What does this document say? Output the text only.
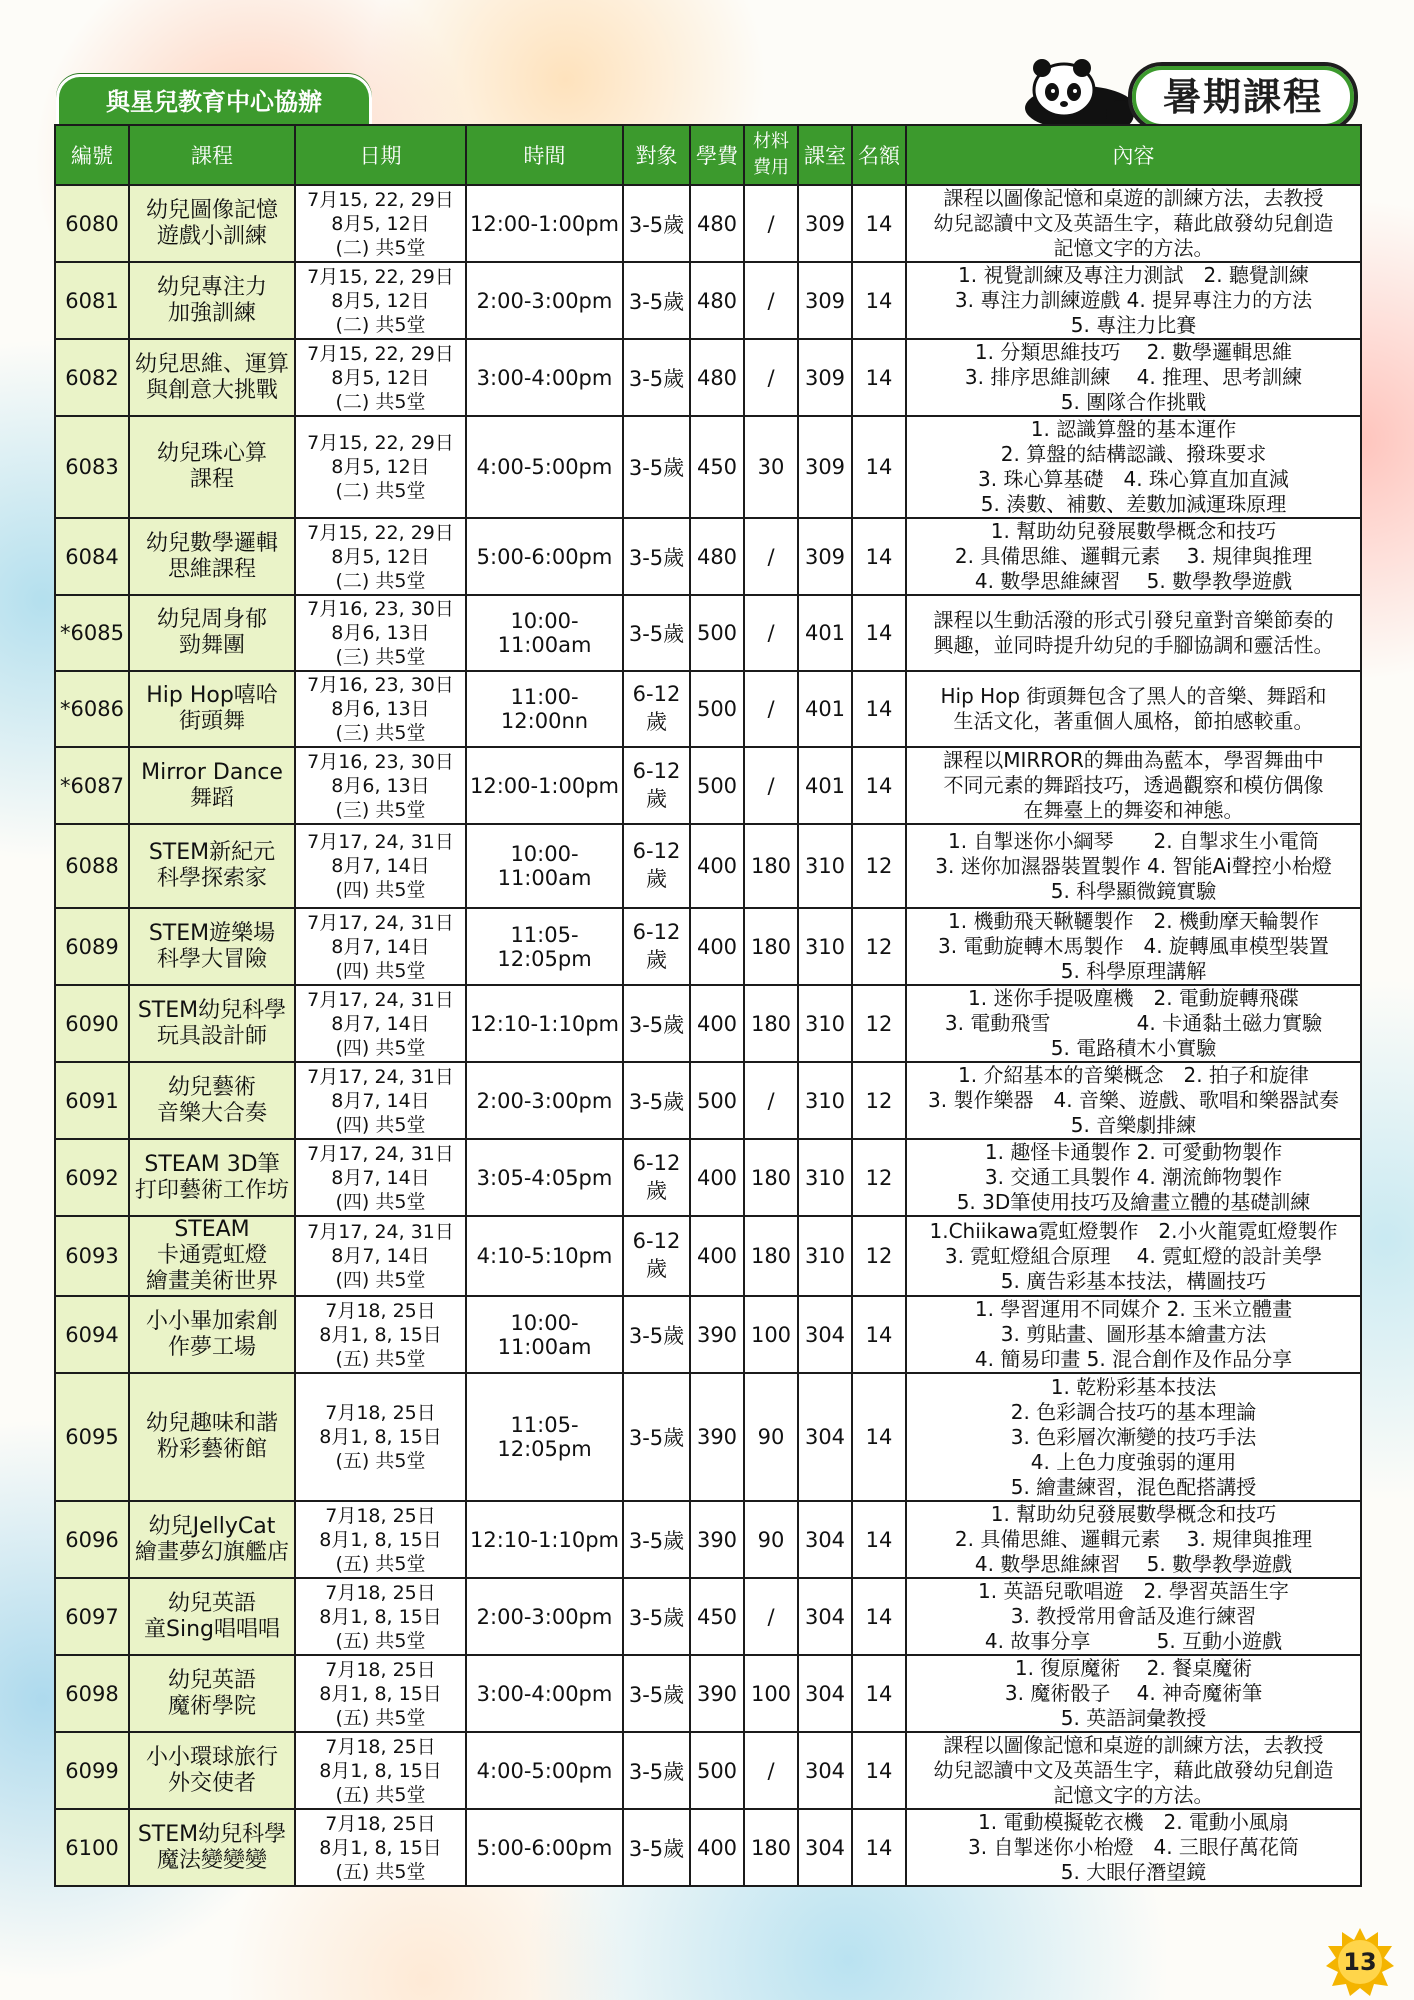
與星兒教育中心協辦	暑期課程
編號	課程	日期	時間	對象	學費	材料
費用	課室	名額	內容
6080	幼兒圖像記憶
遊戲小訓練	7月15, 22, 29日
8月5, 12日
(二) 共5堂	12:00-1:00pm	3-5歲	480	/	309	14	課程以圖像記憶和桌遊的訓練方法，去教授
幼兒認讀中文及英語生字，藉此啟發幼兒創造
記憶文字的方法。
6081	幼兒專注力
加強訓練	7月15, 22, 29日
8月5, 12日
(二) 共5堂	2:00-3:00pm	3-5歲	480	/	309	14	1. 視覺訓練及專注力測試　2. 聽覺訓練
3. 專注力訓練遊戲 4. 提昇專注力的方法
5. 專注力比賽
6082	幼兒思維、運算
與創意大挑戰	7月15, 22, 29日
8月5, 12日
(二) 共5堂	3:00-4:00pm	3-5歲	480	/	309	14	1. 分類思維技巧　 2. 數學邏輯思維
3. 排序思維訓練　 4. 推理、思考訓練
5. 團隊合作挑戰
6083	幼兒珠心算
課程	7月15, 22, 29日
8月5, 12日
(二) 共5堂	4:00-5:00pm	3-5歲	450	30	309	14	1. 認識算盤的基本運作
2. 算盤的結構認識、撥珠要求
3. 珠心算基礎　4. 珠心算直加直減
5. 湊數、補數、差數加減運珠原理
6084	幼兒數學邏輯
思維課程	7月15, 22, 29日
8月5, 12日
(二) 共5堂	5:00-6:00pm	3-5歲	480	/	309	14	1. 幫助幼兒發展數學概念和技巧
2. 具備思維、邏輯元素　 3. 規律與推理
4. 數學思維練習　 5. 數學教學遊戲
*6085	幼兒周身郁
勁舞團	7月16, 23, 30日
8月6, 13日
(三) 共5堂	10:00-11:00am	3-5歲	500	/	401	14	課程以生動活潑的形式引發兒童對音樂節奏的
興趣，並同時提升幼兒的手腳協調和靈活性。
*6086	Hip Hop嘻哈
街頭舞	7月16, 23, 30日
8月6, 13日
(三) 共5堂	11:00-12:00nn	6-12歲	500	/	401	14	Hip Hop 街頭舞包含了黑人的音樂、舞蹈和
生活文化，著重個人風格，節拍感較重。
*6087	Mirror Dance
舞蹈	7月16, 23, 30日
8月6, 13日
(三) 共5堂	12:00-1:00pm	6-12歲	500	/	401	14	課程以MIRROR的舞曲為藍本，學習舞曲中
不同元素的舞蹈技巧，透過觀察和模仿偶像
在舞臺上的舞姿和神態。
6088	STEM新紀元
科學探索家	7月17, 24, 31日
8月7, 14日
(四) 共5堂	10:00-11:00am	6-12歲	400	180	310	12	1. 自掣迷你小綱琴　　2. 自掣求生小電筒
3. 迷你加濕器裝置製作 4. 智能Ai聲控小枱燈
5. 科學顯微鏡實驗
6089	STEM遊樂場
科學大冒險	7月17, 24, 31日
8月7, 14日
(四) 共5堂	11:05-12:05pm	6-12歲	400	180	310	12	1. 機動飛天鞦韆製作　2. 機動摩天輪製作
3. 電動旋轉木馬製作　4. 旋轉風車模型裝置
5. 科學原理講解
6090	STEM幼兒科學
玩具設計師	7月17, 24, 31日
8月7, 14日
(四) 共5堂	12:10-1:10pm	3-5歲	400	180	310	12	1. 迷你手提吸塵機　2. 電動旋轉飛碟
3. 電動飛雪　　　　 4. 卡通黏土磁力實驗
5. 電路積木小實驗
6091	幼兒藝術
音樂大合奏	7月17, 24, 31日
8月7, 14日
(四) 共5堂	2:00-3:00pm	3-5歲	500	/	310	12	1. 介紹基本的音樂概念　2. 拍子和旋律
3. 製作樂器　4. 音樂、遊戲、歌唱和樂器試奏
5. 音樂劇排練
6092	STEAM 3D筆
打印藝術工作坊	7月17, 24, 31日
8月7, 14日
(四) 共5堂	3:05-4:05pm	6-12歲	400	180	310	12	1. 趣怪卡通製作 2. 可愛動物製作
3. 交通工具製作 4. 潮流飾物製作
5. 3D筆使用技巧及繪畫立體的基礎訓練
6093	STEAM
卡通霓虹燈
繪畫美術世界	7月17, 24, 31日
8月7, 14日
(四) 共5堂	4:10-5:10pm	6-12歲	400	180	310	12	1.Chiikawa霓虹燈製作　2.小火龍霓虹燈製作
3. 霓虹燈組合原理　 4. 霓虹燈的設計美學
5. 廣告彩基本技法，構圖技巧
6094	小小畢加索創
作夢工場	7月18, 25日
8月1, 8, 15日
(五) 共5堂	10:00-11:00am	3-5歲	390	100	304	14	1. 學習運用不同媒介 2. 玉米立體畫
3. 剪貼畫、圖形基本繪畫方法
4. 簡易印畫 5. 混合創作及作品分享
6095	幼兒趣味和諧
粉彩藝術館	7月18, 25日
8月1, 8, 15日
(五) 共5堂	11:05-12:05pm	3-5歲	390	90	304	14	1. 乾粉彩基本技法
2. 色彩調合技巧的基本理論
3. 色彩層次漸變的技巧手法
4. 上色力度強弱的運用
5. 繪畫練習，混色配搭講授
6096	幼兒JellyCat
繪畫夢幻旗艦店	7月18, 25日
8月1, 8, 15日
(五) 共5堂	12:10-1:10pm	3-5歲	390	90	304	14	1. 幫助幼兒發展數學概念和技巧
2. 具備思維、邏輯元素　 3. 規律與推理
4. 數學思維練習　 5. 數學教學遊戲
6097	幼兒英語
童Sing唱唱唱	7月18, 25日
8月1, 8, 15日
(五) 共5堂	2:00-3:00pm	3-5歲	450	/	304	14	1. 英語兒歌唱遊　2. 學習英語生字
3. 教授常用會話及進行練習
4. 故事分享　　　 5. 互動小遊戲
6098	幼兒英語
魔術學院	7月18, 25日
8月1, 8, 15日
(五) 共5堂	3:00-4:00pm	3-5歲	390	100	304	14	1. 復原魔術　 2. 餐桌魔術
3. 魔術骰子　 4. 神奇魔術筆
5. 英語詞彙教授
6099	小小環球旅行
外交使者	7月18, 25日
8月1, 8, 15日
(五) 共5堂	4:00-5:00pm	3-5歲	500	/	304	14	課程以圖像記憶和桌遊的訓練方法，去教授
幼兒認讀中文及英語生字，藉此啟發幼兒創造
記憶文字的方法。
6100	STEM幼兒科學
魔法變變變	7月18, 25日
8月1, 8, 15日
(五) 共5堂	5:00-6:00pm	3-5歲	400	180	304	14	1. 電動模擬乾衣機　2. 電動小風扇
3. 自掣迷你小枱燈　4. 三眼仔萬花筒
5. 大眼仔潛望鏡
13
